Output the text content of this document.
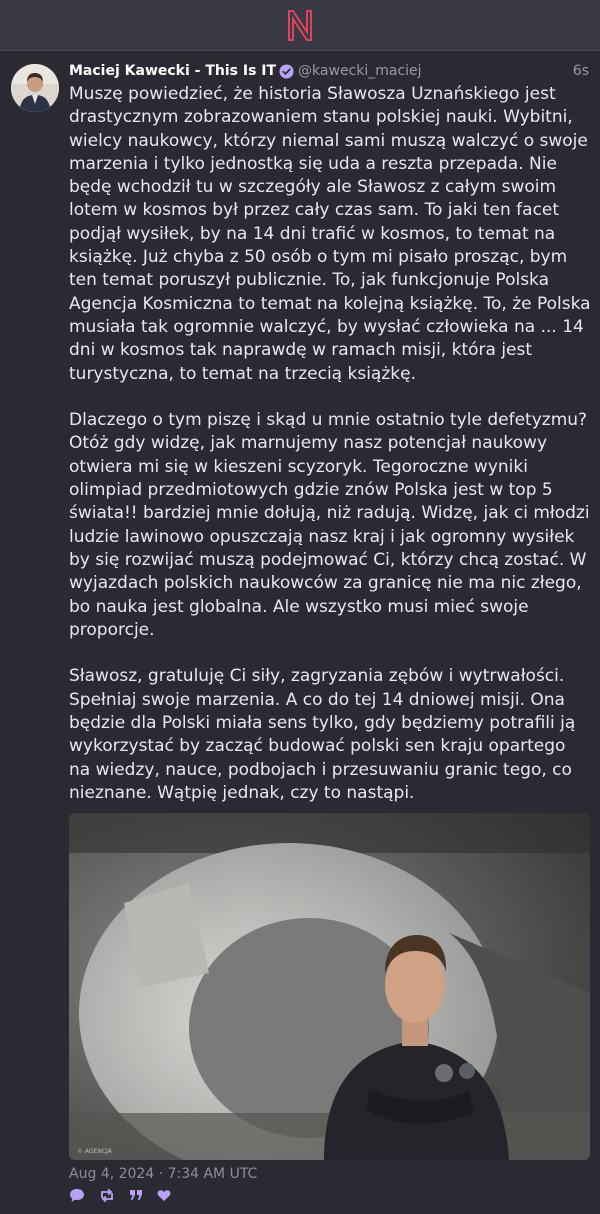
Maciej Kawecki - This Is IT @kawecki_maciej	6s

Muszę powiedzieć, że historia Sławosza Uznańskiego jest drastycznym zobrazowaniem stanu polskiej nauki. Wybitni, wielcy naukowcy, którzy niemal sami muszą walczyć o swoje marzenia i tylko jednostką się uda a reszta przepada. Nie będę wchodził tu w szczegóły ale Sławosz z całym swoim lotem w kosmos był przez cały czas sam. To jaki ten facet podjął wysiłek, by na 14 dni trafić w kosmos, to temat na książkę. Już chyba z 50 osób o tym mi pisało prosząc, bym ten temat poruszył publicznie. To, jak funkcjonuje Polska Agencja Kosmiczna to temat na kolejną książkę. To, że Polska musiała tak ogromnie walczyć, by wysłać człowieka na ... 14 dni w kosmos tak naprawdę w ramach misji, która jest turystyczna, to temat na trzecią książkę.

Dlaczego o tym piszę i skąd u mnie ostatnio tyle defetyzmu? Otóż gdy widzę, jak marnujemy nasz potencjał naukowy otwiera mi się w kieszeni scyzoryk. Tegoroczne wyniki olimpiad przedmiotowych gdzie znów Polska jest w top 5 świata!! bardziej mnie dołują, niż radują. Widzę, jak ci młodzi ludzie lawinowo opuszczają nasz kraj i jak ogromny wysiłek by się rozwijać muszą podejmować Ci, którzy chcą zostać. W wyjazdach polskich naukowców za granicę nie ma nic złego, bo nauka jest globalna. Ale wszystko musi mieć swoje proporcje.

Sławosz, gratuluję Ci siły, zagryzania zębów i wytrwałości. Spełniaj swoje marzenia. A co do tej 14 dniowej misji. Ona będzie dla Polski miała sens tylko, gdy będziemy potrafili ją wykorzystać by zacząć budować polski sen kraju opartego na wiedzy, nauce, podbojach i przesuwaniu granic tego, co nieznane. Wątpię jednak, czy to nastąpi.

© AGENCJA
Aug 4, 2024 · 7:34 AM UTC
